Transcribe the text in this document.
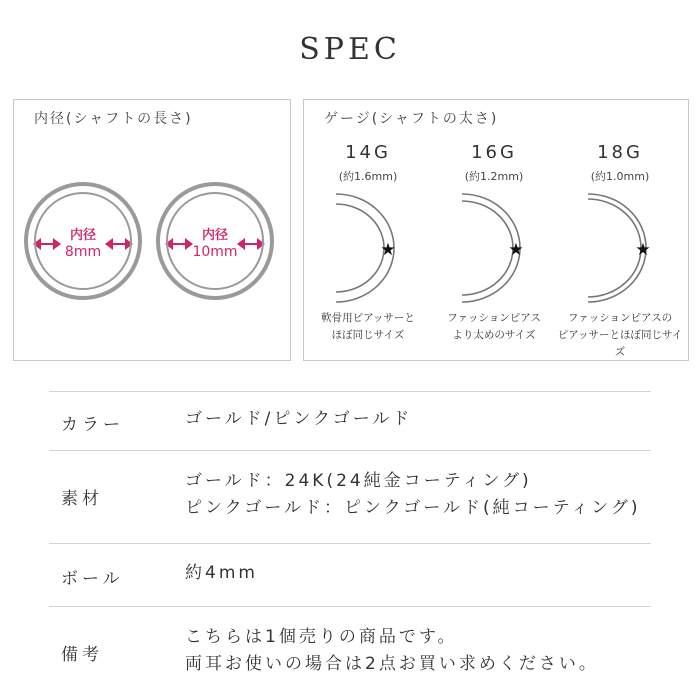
SPEC
内径(シャフトの長さ)
内径
8mm
内径
10mm
ゲージ(シャフトの太さ)
14G
(約1.6mm)
★
軟骨用ピアッサーと
ほぼ同じサイズ
16G
(約1.2mm)
★
ファッションピアス
より太めのサイズ
18G
(約1.0mm)
★
ファッションピアスの
ピアッサーとほぼ同じサイズ
カラー	ゴールド/ピンクゴールド
素材
ゴールド：24K(24純金コーティング)
ピンクゴールド：ピンクゴールド(純コーティング)
ボール	約4mm
備考
こちらは1個売りの商品です。
両耳お使いの場合は2点お買い求めください。
